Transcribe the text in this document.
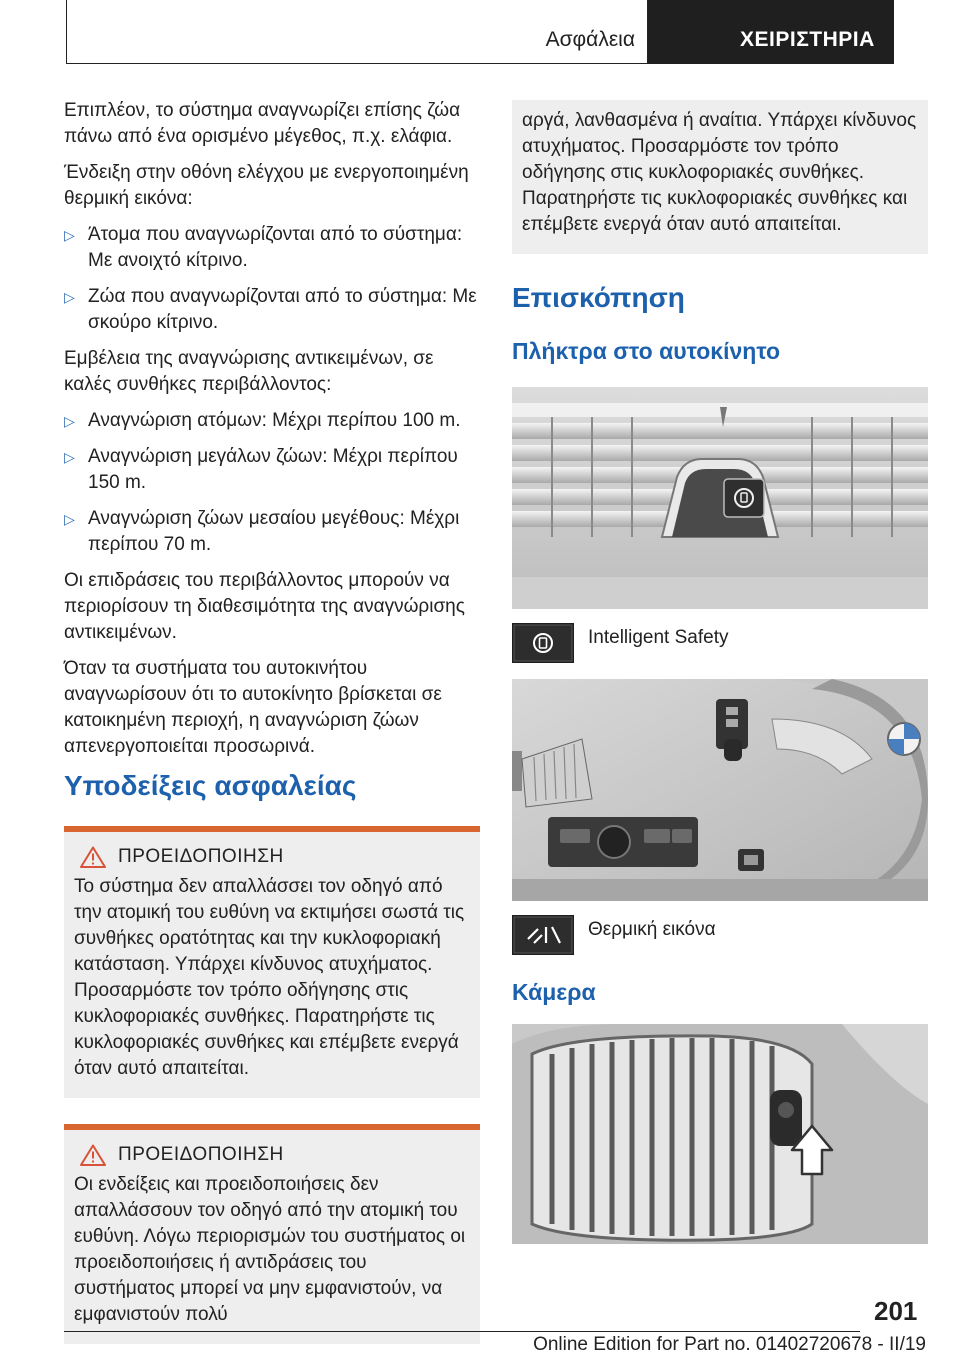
Ασφάλεια	ΧΕΙΡΙΣΤΗΡΙΑ

Επιπλέον, το σύστημα αναγνωρίζει επίσης ζώα πάνω από ένα ορισμένο μέγεθος, π.χ. ελάφια.

Ένδειξη στην οθόνη ελέγχου με ενεργοποιημένη θερμική εικόνα:

▷ Άτομα που αναγνωρίζονται από το σύστημα: Με ανοιχτό κίτρινο.
▷ Ζώα που αναγνωρίζονται από το σύστημα: Με σκούρο κίτρινο.

Εμβέλεια της αναγνώρισης αντικειμένων, σε καλές συνθήκες περιβάλλοντος:

▷ Αναγνώριση ατόμων: Μέχρι περίπου 100 m.
▷ Αναγνώριση μεγάλων ζώων: Μέχρι περίπου 150 m.
▷ Αναγνώριση ζώων μεσαίου μεγέθους: Μέχρι περίπου 70 m.

Οι επιδράσεις του περιβάλλοντος μπορούν να περιορίσουν τη διαθεσιμότητα της αναγνώρισης αντικειμένων.

Όταν τα συστήματα του αυτοκινήτου αναγνωρίσουν ότι το αυτοκίνητο βρίσκεται σε κατοικημένη περιοχή, η αναγνώριση ζώων απενεργοποιείται προσωρινά.

Υποδείξεις ασφαλείας
ΠΡΟΕΙΔΟΠΟΙΗΣΗ

Το σύστημα δεν απαλλάσσει τον οδηγό από την ατομική του ευθύνη να εκτιμήσει σωστά τις συνθήκες ορατότητας και την κυκλοφοριακή κατάσταση. Υπάρχει κίνδυνος ατυχήματος. Προσαρμόστε τον τρόπο οδήγησης στις κυκλοφοριακές συνθήκες. Παρατηρήστε τις κυκλοφοριακές συνθήκες και επέμβετε ενεργά όταν αυτό απαιτείται.

ΠΡΟΕΙΔΟΠΟΙΗΣΗ

Οι ενδείξεις και προειδοποιήσεις δεν απαλλάσσουν τον οδηγό από την ατομική του ευθύνη. Λόγω περιορισμών του συστήματος οι προειδοποιήσεις ή αντιδράσεις του συστήματος μπορεί να μην εμφανιστούν, να εμφανιστούν πολύ

αργά, λανθασμένα ή αναίτια. Υπάρχει κίνδυνος ατυχήματος. Προσαρμόστε τον τρόπο οδήγησης στις κυκλοφοριακές συνθήκες. Παρατηρήστε τις κυκλοφοριακές συνθήκες και επέμβετε ενεργά όταν αυτό απαιτείται.

Επισκόπηση
Πλήκτρα στο αυτοκίνητο
Intelligent Safety
Θερμική εικόνα
Κάμερα
201
Online Edition for Part no. 01402720678 - II/19
